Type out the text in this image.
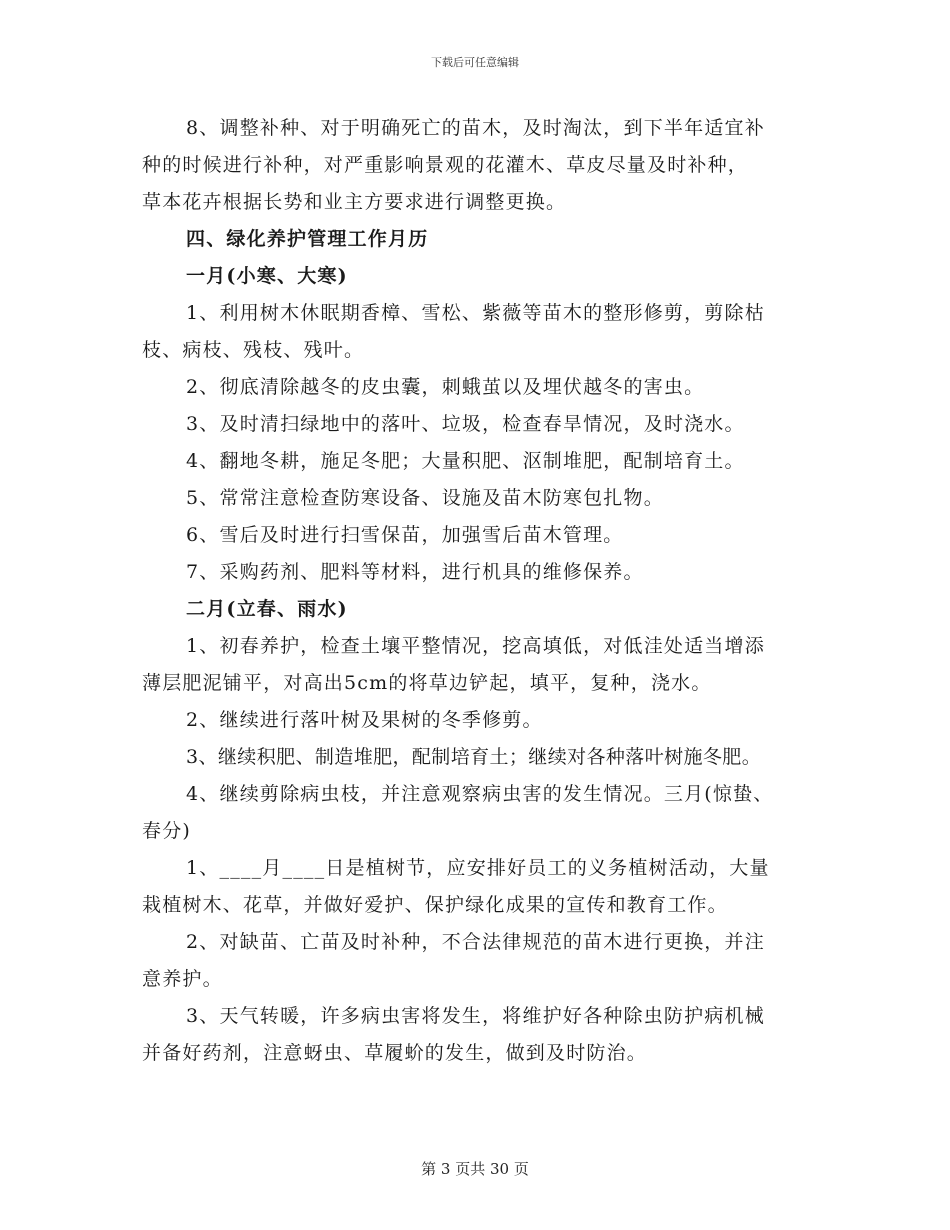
下载后可任意编辑

8、调整补种、对于明确死亡的苗木，及时淘汰，到下半年适宜补
种的时候进行补种，对严重影响景观的花灌木、草皮尽量及时补种，
草本花卉根据长势和业主方要求进行调整更换。

四、绿化养护管理工作月历

一月(小寒、大寒)

1、利用树木休眠期香樟、雪松、紫薇等苗木的整形修剪，剪除枯
枝、病枝、残枝、残叶。

2、彻底清除越冬的皮虫囊，刺蛾茧以及埋伏越冬的害虫。

3、及时清扫绿地中的落叶、垃圾，检查春旱情况，及时浇水。

4、翻地冬耕，施足冬肥；大量积肥、沤制堆肥，配制培育土。

5、常常注意检查防寒设备、设施及苗木防寒包扎物。

6、雪后及时进行扫雪保苗，加强雪后苗木管理。

7、采购药剂、肥料等材料，进行机具的维修保养。

二月(立春、雨水)

1、初春养护，检查土壤平整情况，挖高填低，对低洼处适当增添
薄层肥泥铺平，对高出5cm的将草边铲起，填平，复种，浇水。

2、继续进行落叶树及果树的冬季修剪。

3、继续积肥、制造堆肥，配制培育土；继续对各种落叶树施冬肥。

4、继续剪除病虫枝，并注意观察病虫害的发生情况。三月(惊蛰、
春分)

1、____月____日是植树节，应安排好员工的义务植树活动，大量
栽植树木、花草，并做好爱护、保护绿化成果的宣传和教育工作。

2、对缺苗、亡苗及时补种，不合法律规范的苗木进行更换，并注
意养护。

3、天气转暖，许多病虫害将发生，将维护好各种除虫防护病机械
并备好药剂，注意蚜虫、草履蚧的发生，做到及时防治。

第 3 页共 30 页
